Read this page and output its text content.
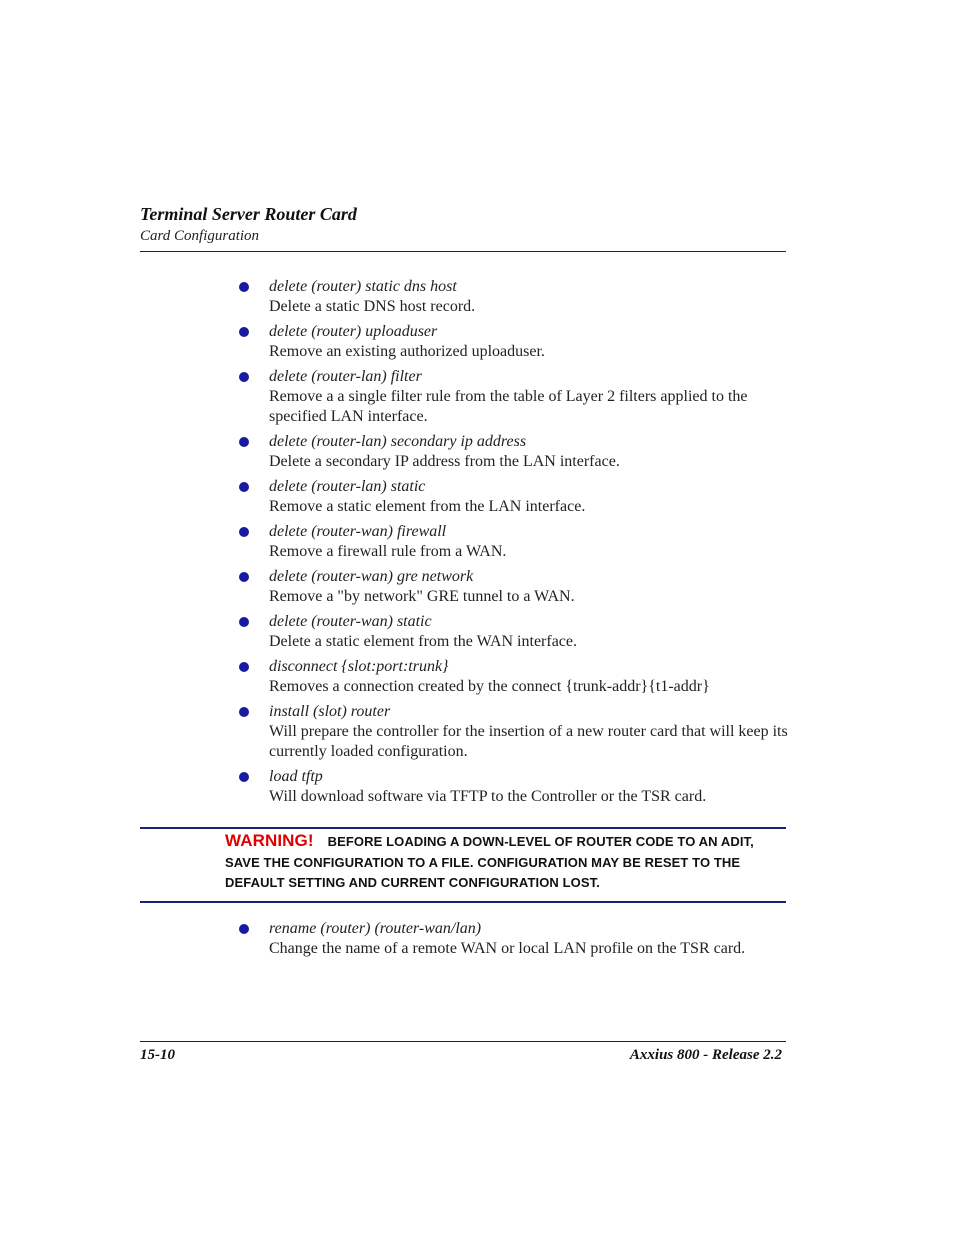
Terminal Server Router Card
Card Configuration
delete (router) static dns host
Delete a static DNS host record.
delete (router) uploaduser
Remove an existing authorized uploaduser.
delete (router-lan) filter
Remove a a single filter rule from the table of Layer 2 filters applied to the specified LAN interface.
delete (router-lan) secondary ip address
Delete a secondary IP address from the LAN interface.
delete (router-lan) static
Remove a static element from the LAN interface.
delete (router-wan) firewall
Remove a firewall rule from a WAN.
delete (router-wan) gre network
Remove a "by network" GRE tunnel to a WAN.
delete (router-wan) static
Delete a static element from the WAN interface.
disconnect {slot:port:trunk}
Removes a connection created by the connect {trunk-addr}{t1-addr}
install (slot) router
Will prepare the controller for the insertion of a new router card that will keep its currently loaded configuration.
load tftp
Will download software via TFTP to the Controller or the TSR card.
WARNING! BEFORE LOADING A DOWN-LEVEL OF ROUTER CODE TO AN ADIT, SAVE THE CONFIGURATION TO A FILE. CONFIGURATION MAY BE RESET TO THE DEFAULT SETTING AND CURRENT CONFIGURATION LOST.
rename (router) (router-wan/lan)
Change the name of a remote WAN or local LAN profile on the TSR card.
15-10	Axxius 800 - Release 2.2
